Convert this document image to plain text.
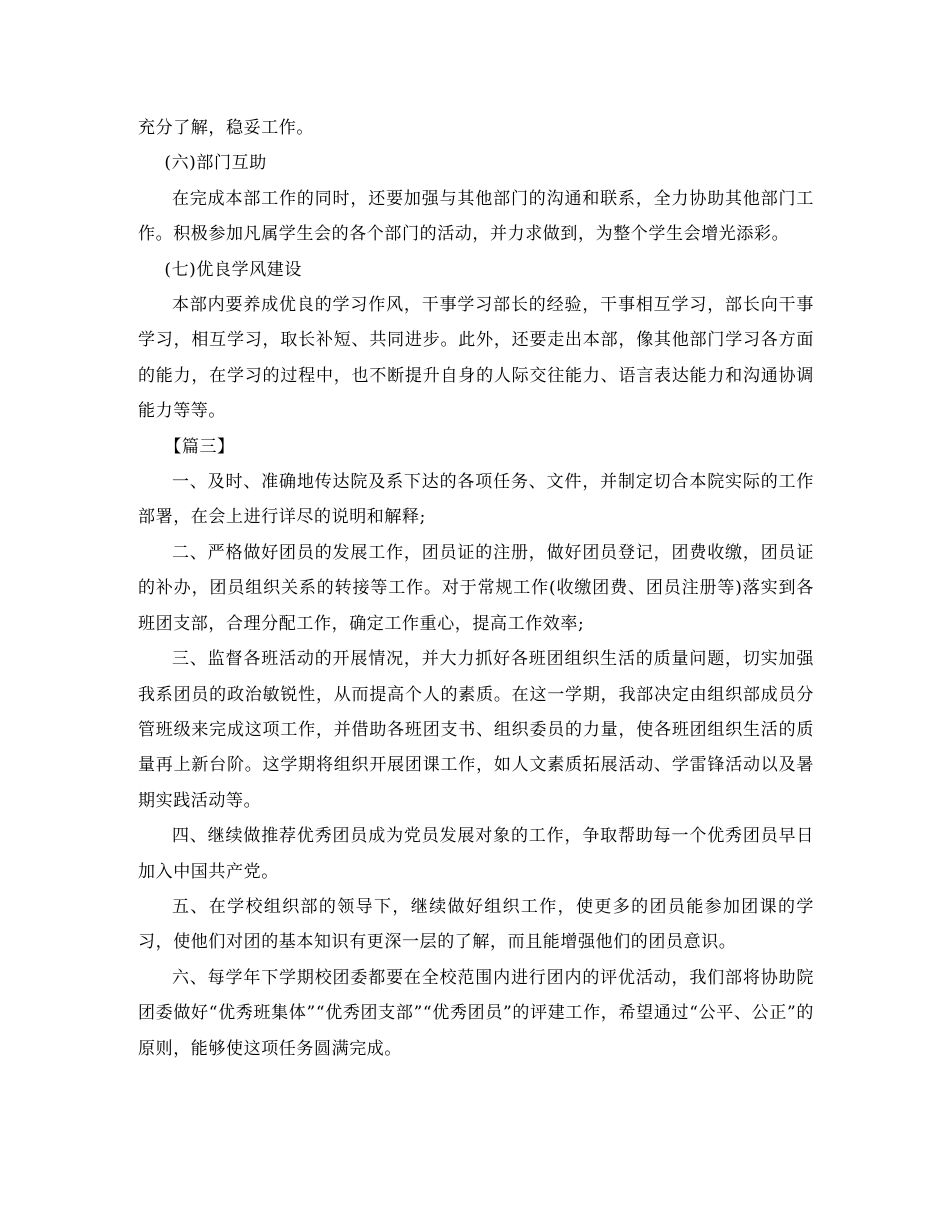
充分了解，稳妥工作。

(六)部门互助

在完成本部工作的同时，还要加强与其他部门的沟通和联系，全力协助其他部门工作。积极参加凡属学生会的各个部门的活动，并力求做到，为整个学生会增光添彩。

(七)优良学风建设

本部内要养成优良的学习作风，干事学习部长的经验，干事相互学习，部长向干事学习，相互学习，取长补短、共同进步。此外，还要走出本部，像其他部门学习各方面的能力，在学习的过程中，也不断提升自身的人际交往能力、语言表达能力和沟通协调能力等等。

【篇三】

一、及时、准确地传达院及系下达的各项任务、文件，并制定切合本院实际的工作部署，在会上进行详尽的说明和解释;

二、严格做好团员的发展工作，团员证的注册，做好团员登记，团费收缴，团员证的补办，团员组织关系的转接等工作。对于常规工作(收缴团费、团员注册等)落实到各班团支部，合理分配工作，确定工作重心，提高工作效率;

三、监督各班活动的开展情况，并大力抓好各班团组织生活的质量问题，切实加强我系团员的政治敏锐性，从而提高个人的素质。在这一学期，我部决定由组织部成员分管班级来完成这项工作，并借助各班团支书、组织委员的力量，使各班团组织生活的质量再上新台阶。这学期将组织开展团课工作，如人文素质拓展活动、学雷锋活动以及暑期实践活动等。

四、继续做推荐优秀团员成为党员发展对象的工作，争取帮助每一个优秀团员早日加入中国共产党。

五、在学校组织部的领导下，继续做好组织工作，使更多的团员能参加团课的学习，使他们对团的基本知识有更深一层的了解，而且能增强他们的团员意识。

六、每学年下学期校团委都要在全校范围内进行团内的评优活动，我们部将协助院团委做好“优秀班集体”“优秀团支部”“优秀团员”的评建工作，希望通过“公平、公正”的原则，能够使这项任务圆满完成。
